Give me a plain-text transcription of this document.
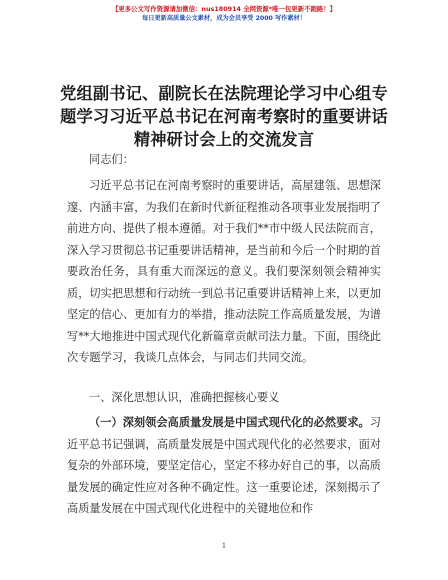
【更多公文写作资源请加微信：nus180914 全网资源*唯一包更新不跑路！】
每日更新高质量公文素材，成为会员享受 2000 写作素材！
党组副书记、副院长在法院理论学习中心组专题学习习近平总书记在河南考察时的重要讲话精神研讨会上的交流发言
同志们：

习近平总书记在河南考察时的重要讲话，高屋建瓴、思想深邃、内涵丰富，为我们在新时代新征程推动各项事业发展指明了前进方向、提供了根本遵循。对于我们**市中级人民法院而言，深入学习贯彻总书记重要讲话精神，是当前和今后一个时期的首要政治任务，具有重大而深远的意义。我们要深刻领会精神实质，切实把思想和行动统一到总书记重要讲话精神上来，以更加坚定的信心、更加有力的举措，推动法院工作高质量发展，为谱写**大地推进中国式现代化新篇章贡献司法力量。下面，围绕此次专题学习，我谈几点体会，与同志们共同交流。

一、深化思想认识，准确把握核心要义

（一）深刻领会高质量发展是中国式现代化的必然要求。习近平总书记强调，高质量发展是中国式现代化的必然要求，面对复杂的外部环境，要坚定信心，坚定不移办好自己的事，以高质量发展的确定性应对各种不确定性。这一重要论述，深刻揭示了高质量发展在中国式现代化进程中的关键地位和作

1
